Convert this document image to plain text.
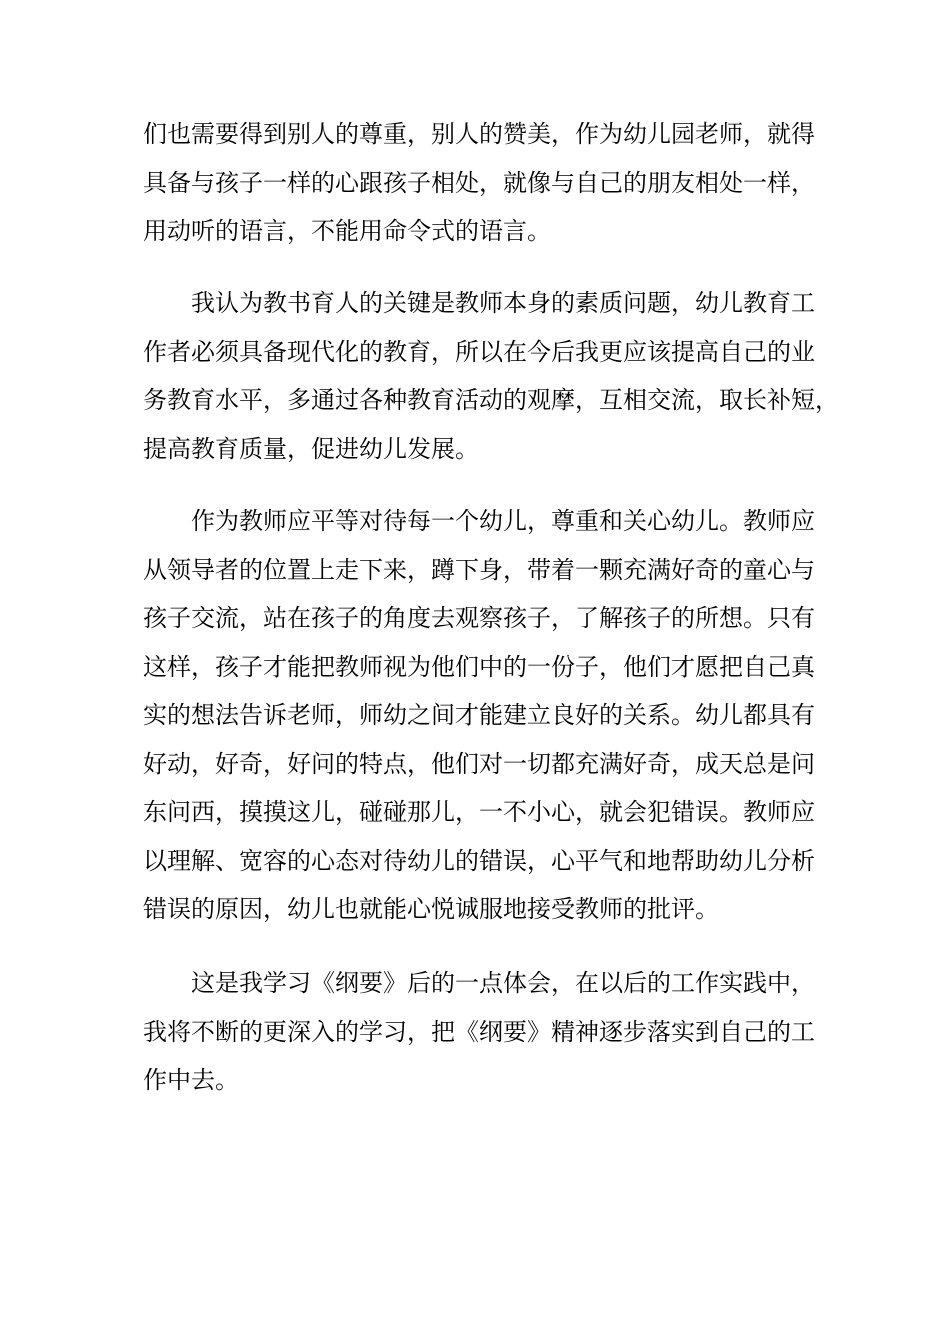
们也需要得到别人的尊重，别人的赞美，作为幼儿园老师，就得
具备与孩子一样的心跟孩子相处，就像与自己的朋友相处一样，
用动听的语言，不能用命令式的语言。
我认为教书育人的关键是教师本身的素质问题，幼儿教育工
作者必须具备现代化的教育，所以在今后我更应该提高自己的业
务教育水平，多通过各种教育活动的观摩，互相交流，取长补短，
提高教育质量，促进幼儿发展。
作为教师应平等对待每一个幼儿，尊重和关心幼儿。教师应
从领导者的位置上走下来，蹲下身，带着一颗充满好奇的童心与
孩子交流，站在孩子的角度去观察孩子，了解孩子的所想。只有
这样，孩子才能把教师视为他们中的一份子，他们才愿把自己真
实的想法告诉老师，师幼之间才能建立良好的关系。幼儿都具有
好动，好奇，好问的特点，他们对一切都充满好奇，成天总是问
东问西，摸摸这儿，碰碰那儿，一不小心，就会犯错误。教师应
以理解、宽容的心态对待幼儿的错误，心平气和地帮助幼儿分析
错误的原因，幼儿也就能心悦诚服地接受教师的批评。
这是我学习《纲要》后的一点体会，在以后的工作实践中，
我将不断的更深入的学习，把《纲要》精神逐步落实到自己的工
作中去。
